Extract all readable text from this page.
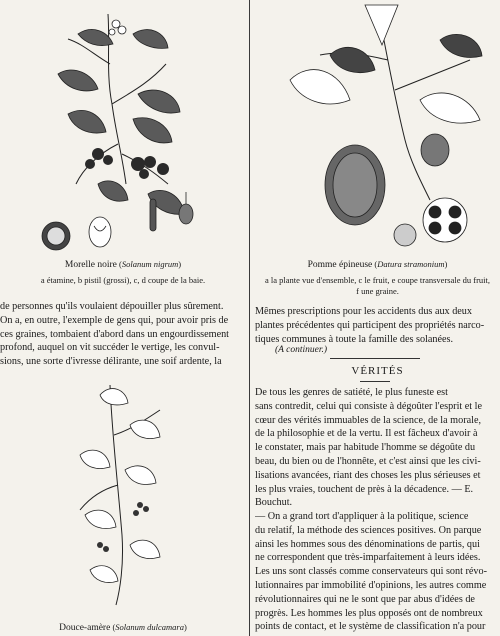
Morelle noire (Solanum nigrum)
a étamine, b pistil (grossi), c, d coupe de la baie.
de personnes qu'ils voulaient dépouiller plus sûrement.
On a, en outre, l'exemple de gens qui, pour avoir pris de
ces graines, tombaient d'abord dans un engourdissement
profond, auquel on vit succéder le vertige, les convul-
sions, une sorte d'ivresse délirante, une soif ardente, la
Douce-amère (Solanum dulcamara)
Pomme épineuse (Datura stramonium)
a la plante vue d'ensemble, c le fruit, e coupe transversale du fruit,
f une graine.
Mêmes prescriptions pour les accidents dus aux deux
plantes précédentes qui participent des propriétés narco-
tiques communes à toute la famille des solanées.
(A continuer.)
VÉRITÉS
De tous les genres de satiété, le plus funeste est
sans contredit, celui qui consiste à dégoûter l'esprit et le
cœur des vérités immuables de la science, de la morale,
de la philosophie et de la vertu. Il est fâcheux d'avoir à
le constater, mais par habitude l'homme se dégoûte du
beau, du bien ou de l'honnête, et c'est ainsi que les civi-
lisations avancées, riant des choses les plus sérieuses et
les plus vraies, touchent de près à la décadence. — E.
Bouchut.
— On a grand tort d'appliquer à la politique, science
du relatif, la méthode des sciences positives. On parque
ainsi les hommes sous des dénominations de partis, qui
ne correspondent que très-imparfaitement à leurs idées.
Les uns sont classés comme conservateurs qui sont révo-
lutionnaires par immobilité d'opinions, les autres comme
révolutionnaires qui ne le sont que par abus d'idées de
progrès. Les hommes les plus opposés ont de nombreux
points de contact, et le système de classification n'a pour
